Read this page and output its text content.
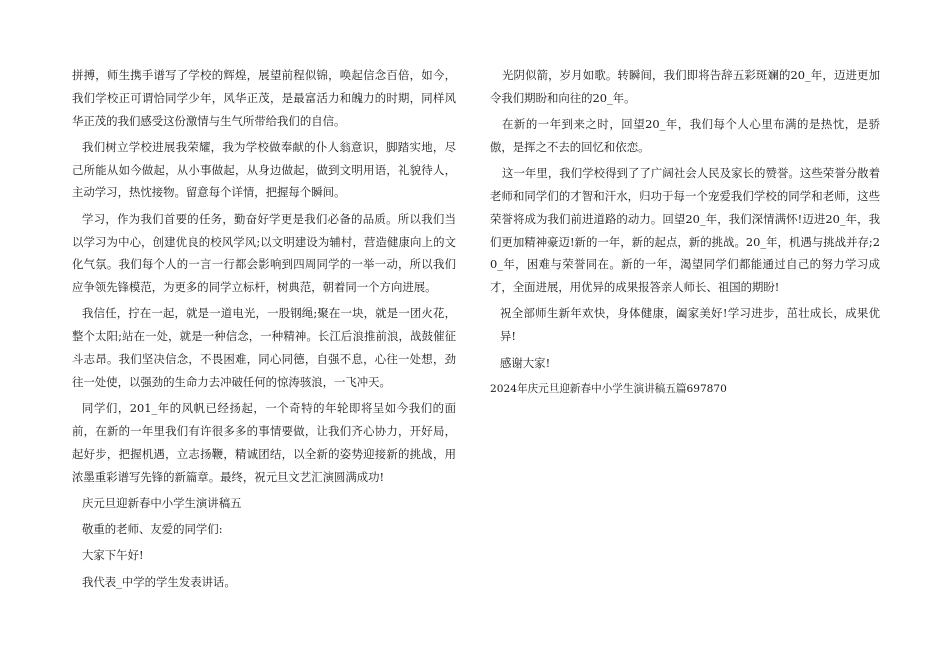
拼搏，师生携手谱写了学校的辉煌，展望前程似锦，唤起信念百倍，如今，我们学校正可谓恰同学少年，风华正茂，是最富活力和魄力的时期，同样风华正茂的我们感受这份激情与生气所带给我们的自信。

我们树立学校进展我荣耀，我为学校做奉献的仆人翁意识，脚踏实地，尽己所能从如今做起，从小事做起，从身边做起，做到文明用语，礼貌待人，主动学习，热忱接物。留意每个详情，把握每个瞬间。

学习，作为我们首要的任务，勤奋好学更是我们必备的品质。所以我们当以学习为中心，创建优良的校风学风;以文明建设为辅村，营造健康向上的文化气氛。我们每个人的一言一行都会影响到四周同学的一举一动，所以我们应争领先锋模范，为更多的同学立标杆，树典范，朝着同一个方向进展。

我信任，拧在一起，就是一道电光，一股钢绳;聚在一块，就是一团火花，整个太阳;站在一处，就是一种信念，一种精神。长江后浪推前浪，战鼓催征斗志昂。我们坚决信念，不畏困难，同心同德，自强不息，心往一处想，劲往一处使，以强劲的生命力去冲破任何的惊涛骇浪，一飞冲天。

同学们，201_年的风帆已经扬起，一个奇特的年轮即将呈如今我们的面前，在新的一年里我们有许很多多的事情要做，让我们齐心协力，开好局，起好步，把握机遇，立志扬鞭，精诚团结，以全新的姿势迎接新的挑战，用浓墨重彩谱写先锋的新篇章。最终，祝元旦文艺汇演圆满成功!

庆元旦迎新春中小学生演讲稿五

敬重的老师、友爱的同学们:

大家下午好!

我代表_中学的学生发表讲话。

光阴似箭，岁月如歌。转瞬间，我们即将告辞五彩斑斓的20_年，迈进更加令我们期盼和向往的20_年。

在新的一年到来之时，回望20_年，我们每个人心里布满的是热忱，是骄傲，是挥之不去的回忆和依恋。

这一年里，我们学校得到了了广阔社会人民及家长的赞誉。这些荣誉分散着老师和同学们的才智和汗水，归功于每一个宠爱我们学校的同学和老师，这些荣誉将成为我们前进道路的动力。回望20_年，我们深情满怀!迈进20_年，我们更加精神豪迈!新的一年，新的起点，新的挑战。20_年，机遇与挑战并存;20_年，困难与荣誉同在。新的一年，渴望同学们都能通过自己的努力学习成才，全面进展，用优异的成果报答亲人师长、祖国的期盼!

祝全部师生新年欢快，身体健康，阖家美好!学习进步，茁壮成长，成果优异!

感谢大家!

2024年庆元旦迎新春中小学生演讲稿五篇697870
